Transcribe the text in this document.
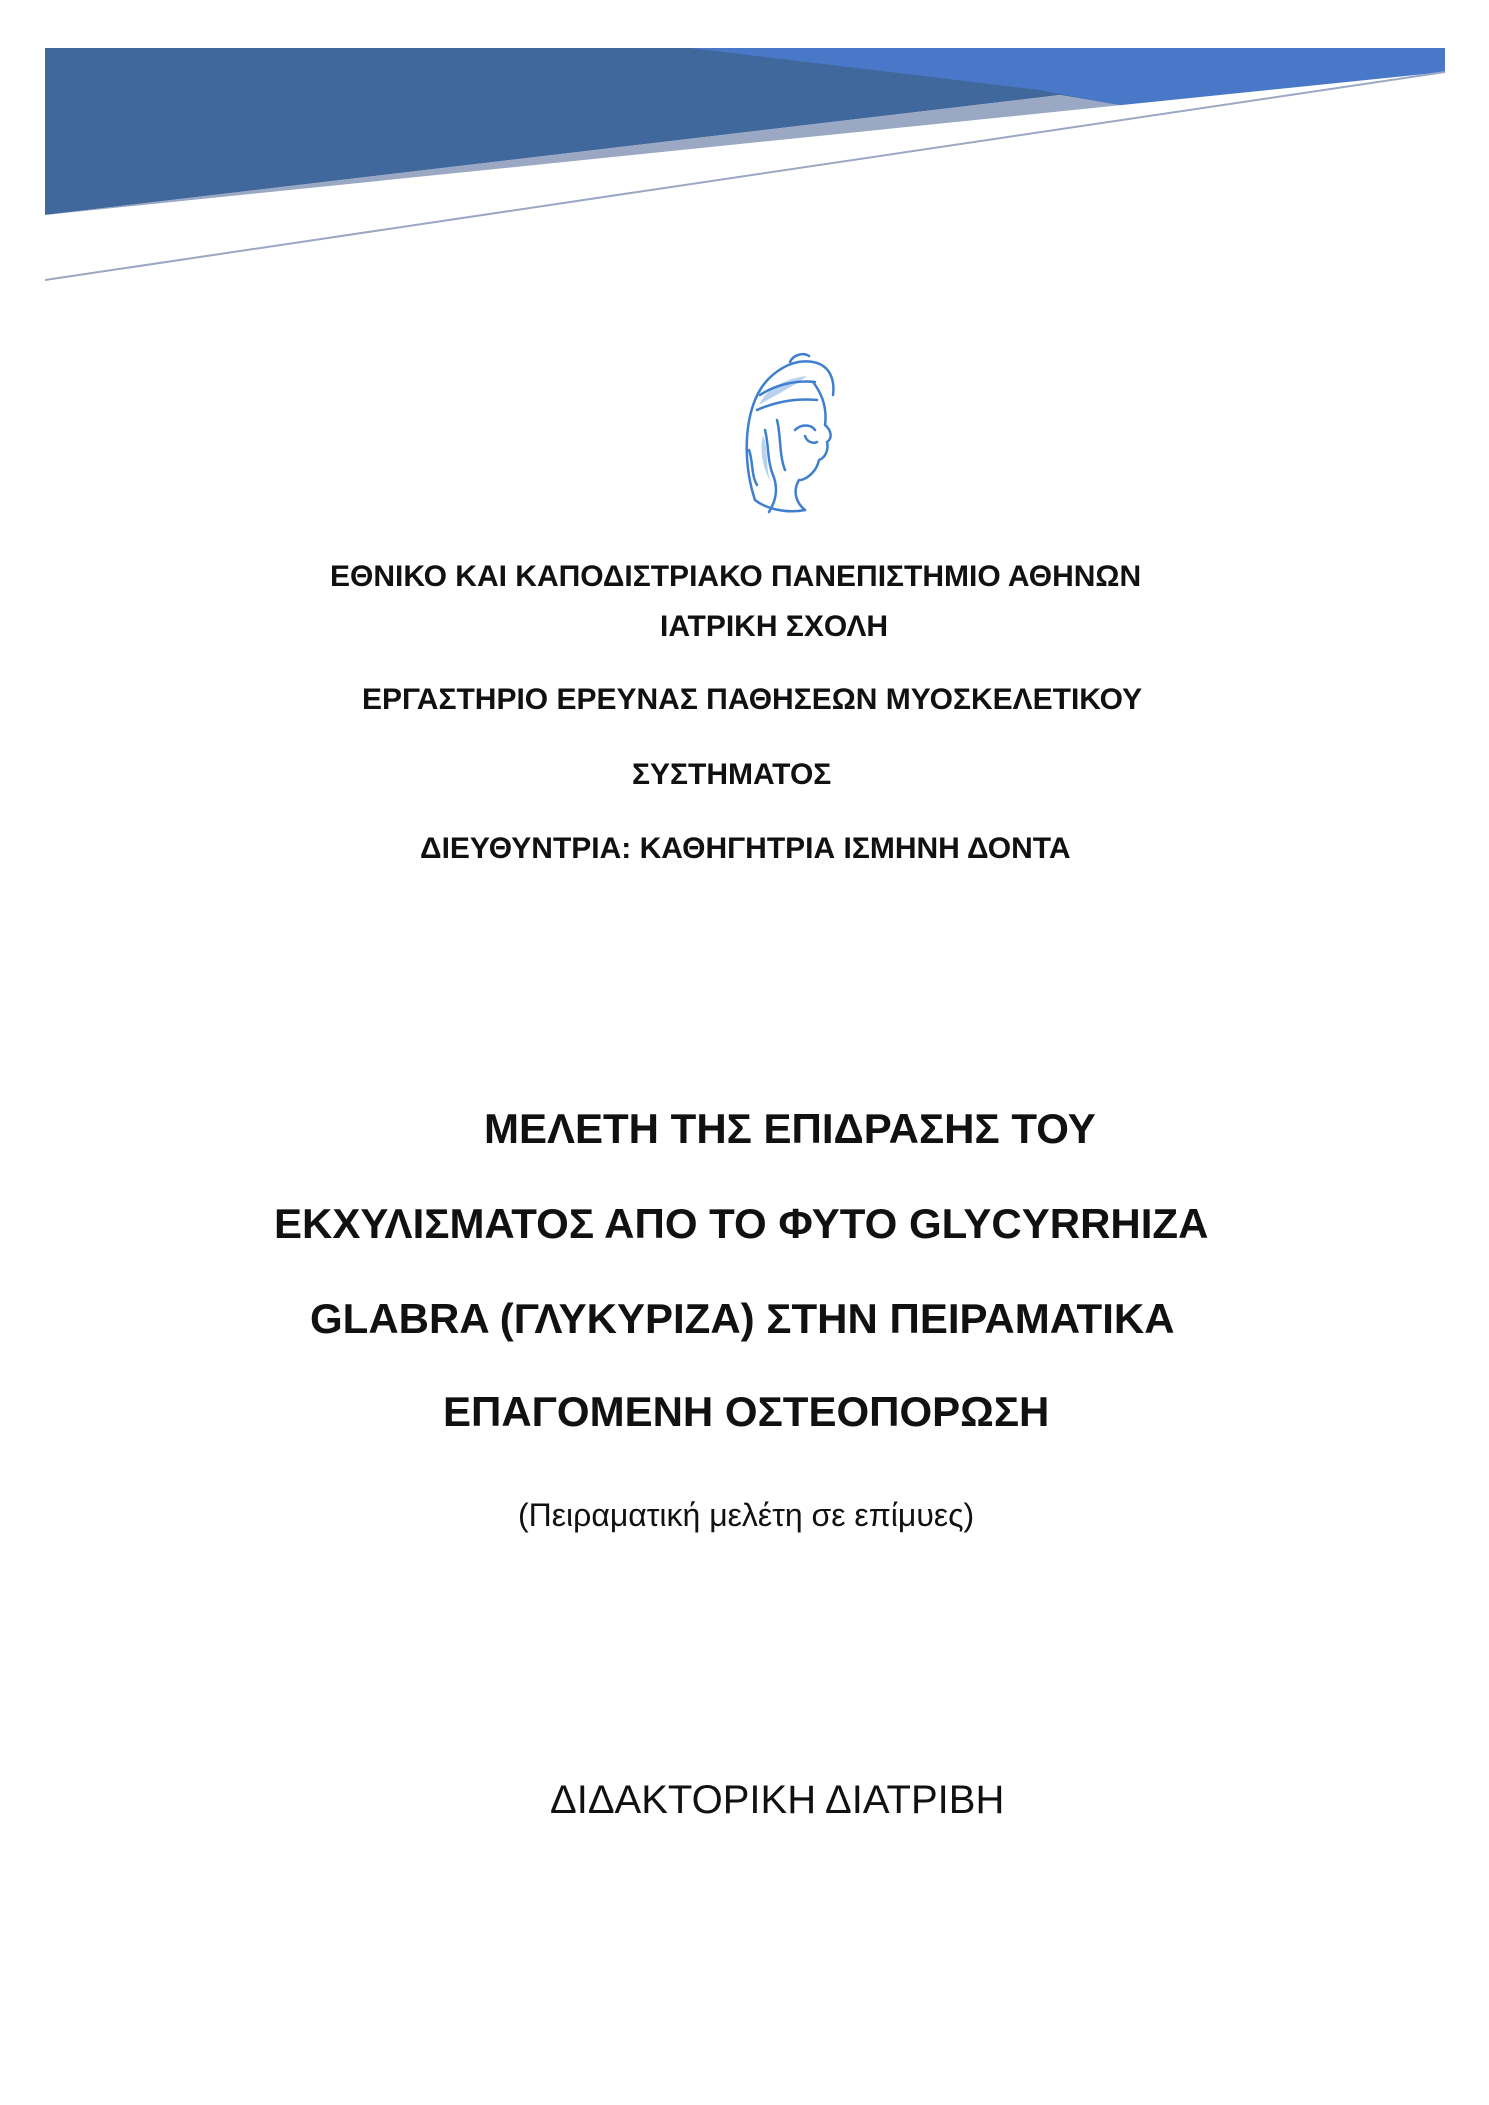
ΕΘΝΙΚΟ ΚΑΙ ΚΑΠΟΔΙΣΤΡΙΑΚΟ ΠΑΝΕΠΙΣΤΗΜΙΟ ΑΘΗΝΩΝ
ΙΑΤΡΙΚΗ ΣΧΟΛΗ
ΕΡΓΑΣΤΗΡΙΟ ΕΡΕΥΝΑΣ ΠΑΘΗΣΕΩΝ ΜΥΟΣΚΕΛΕΤΙΚΟΥ
ΣΥΣΤΗΜΑΤΟΣ
ΔΙΕΥΘΥΝΤΡΙΑ: ΚΑΘΗΓΗΤΡΙΑ ΙΣΜΗΝΗ ΔΟΝΤΑ
ΜΕΛΕΤΗ ΤΗΣ ΕΠΙΔΡΑΣΗΣ ΤΟΥ
ΕΚΧΥΛΙΣΜΑΤΟΣ ΑΠΟ ΤΟ ΦΥΤΟ GLYCYRRHIZA
GLABRA (ΓΛΥΚΥΡΙΖΑ) ΣΤΗΝ ΠΕΙΡΑΜΑΤΙΚΑ
ΕΠΑΓΟΜΕΝΗ ΟΣΤΕΟΠΟΡΩΣΗ
(Πειραματική μελέτη σε επίμυες)
ΔΙΔΑΚΤΟΡΙΚΗ ΔΙΑΤΡΙΒΗ
